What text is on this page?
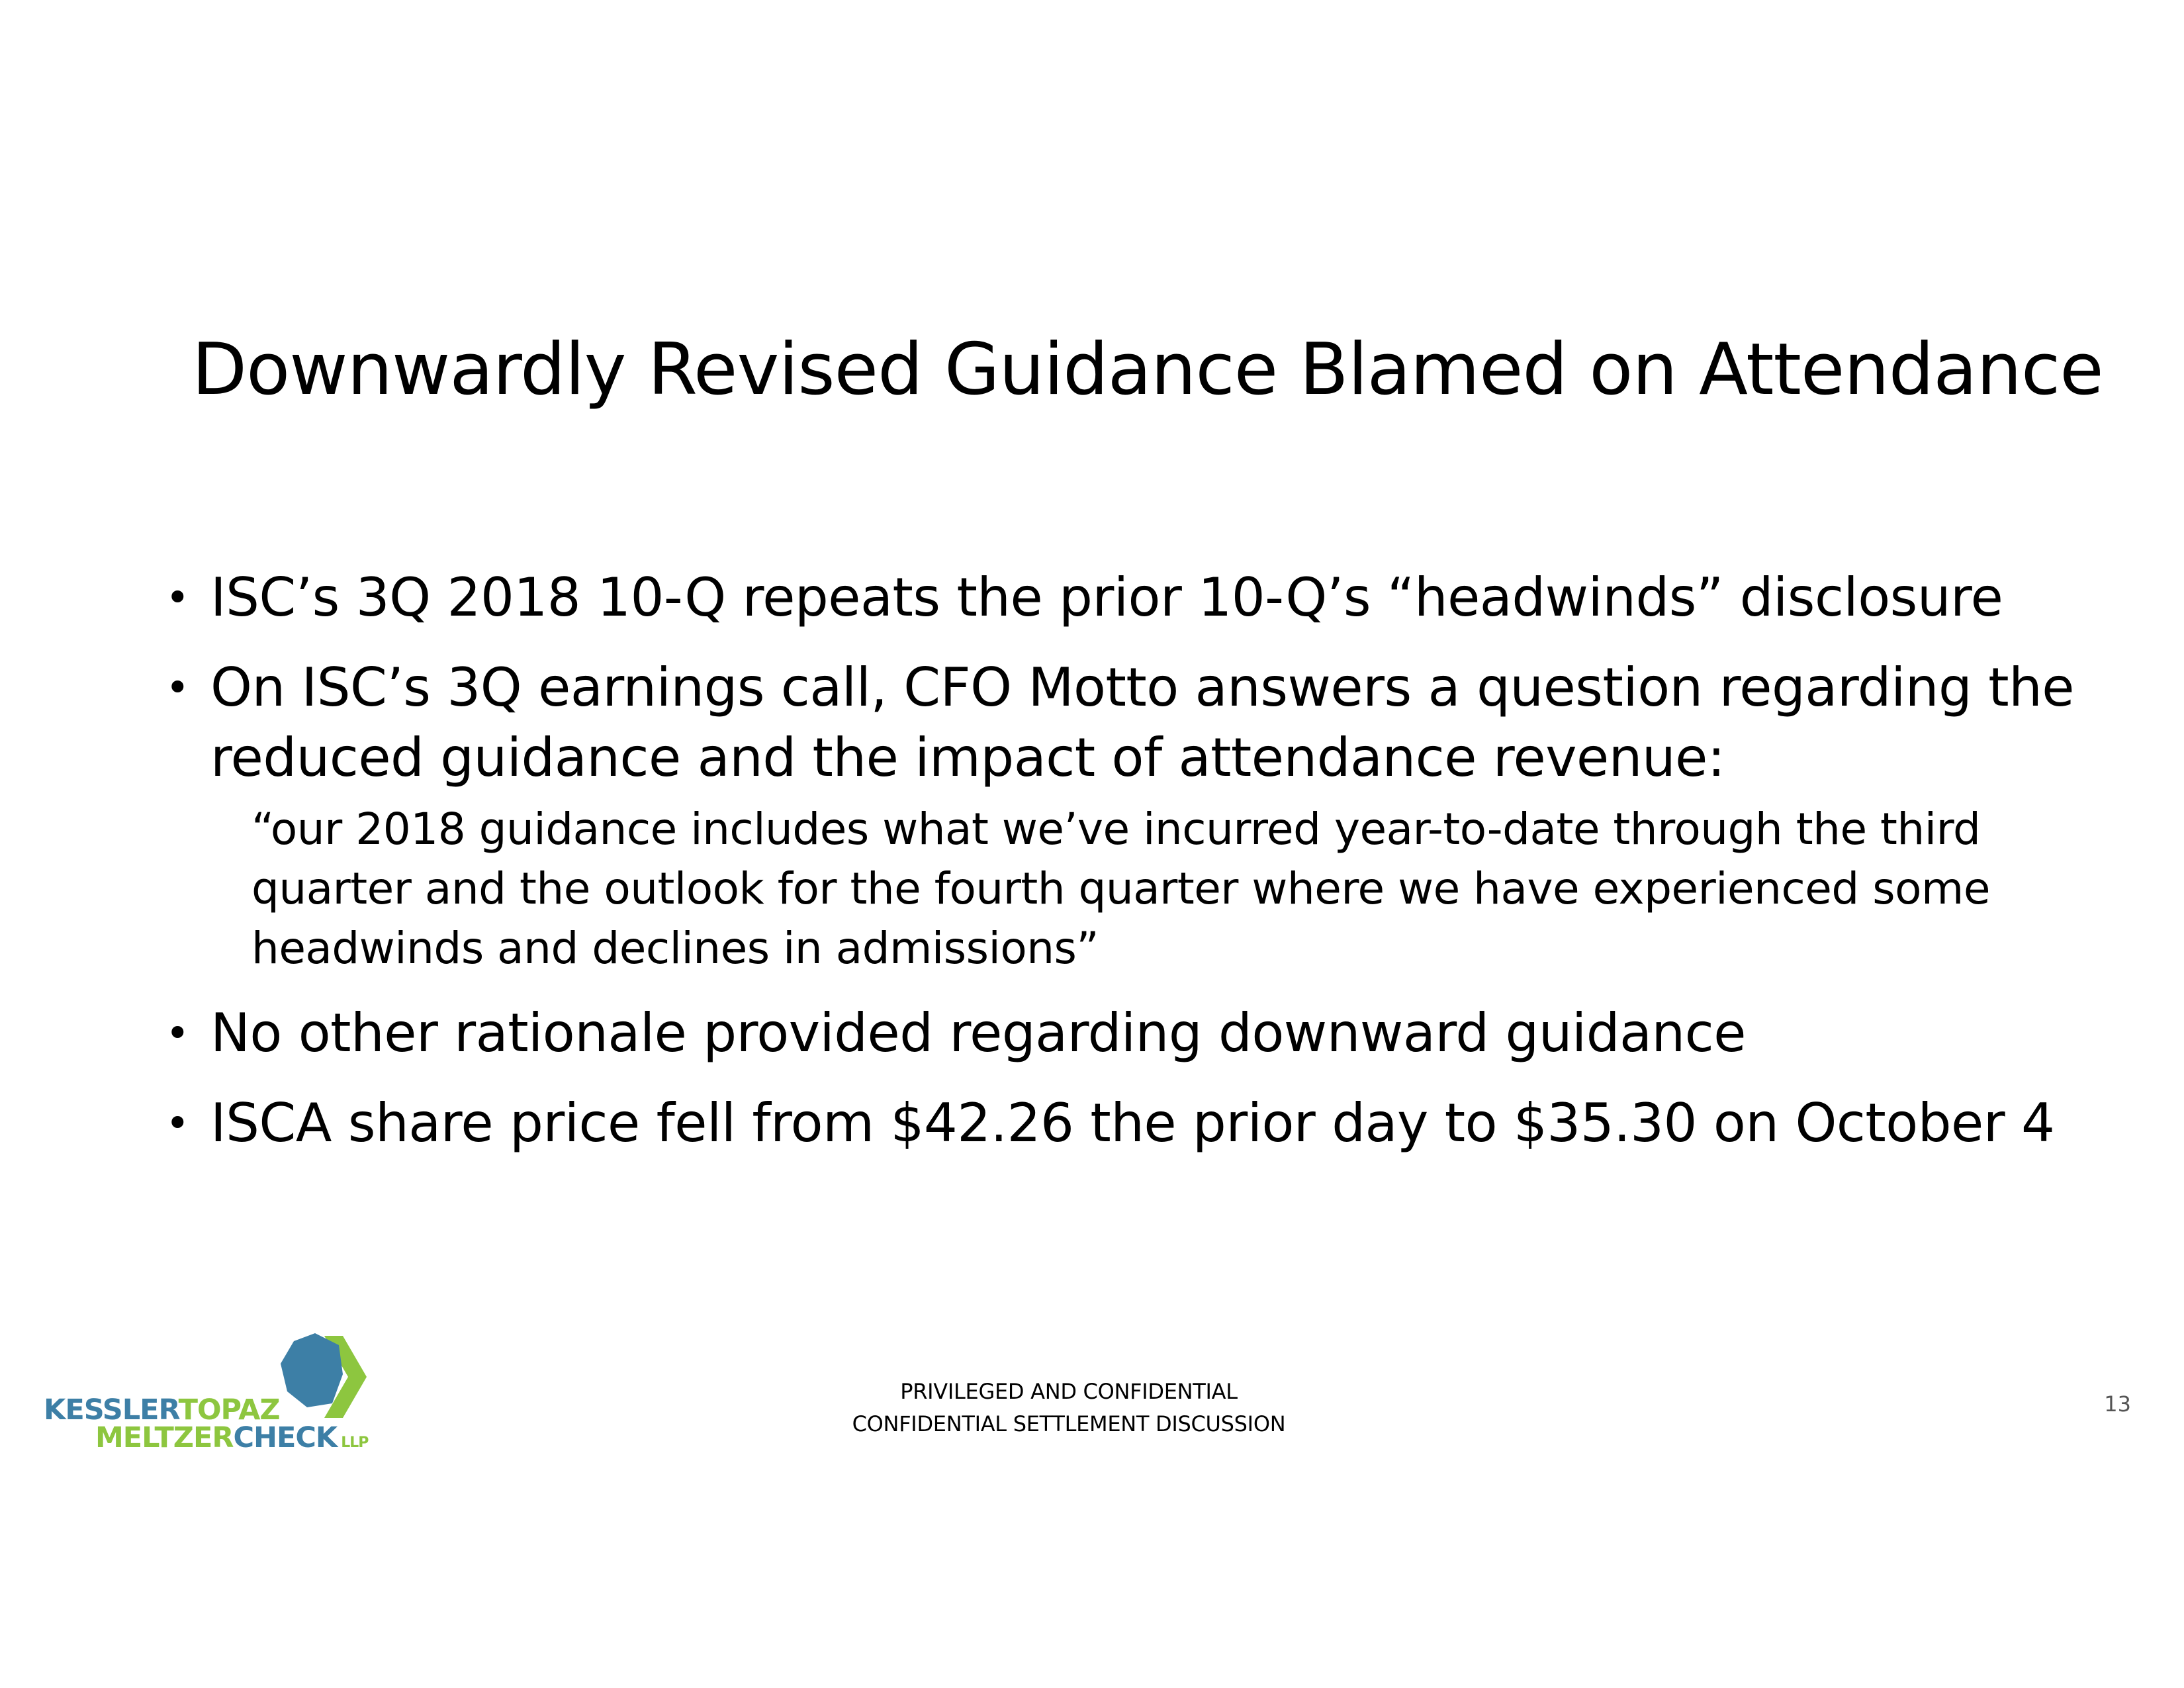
Downwardly Revised Guidance Blamed on Attendance
• ISC’s 3Q 2018 10-Q repeats the prior 10-Q’s “headwinds” disclosure
• On ISC’s 3Q earnings call, CFO Motto answers a question regarding the reduced guidance and the impact of attendance revenue:
“our 2018 guidance includes what we’ve incurred year-to-date through the third quarter and the outlook for the fourth quarter where we have experienced some headwinds and declines in admissions”
• No other rationale provided regarding downward guidance
• ISCA share price fell from $42.26 the prior day to $35.30 on October 4
KESSLERTOPAZ
MELTZERCHECK LLP
PRIVILEGED AND CONFIDENTIAL
CONFIDENTIAL SETTLEMENT DISCUSSION
13
